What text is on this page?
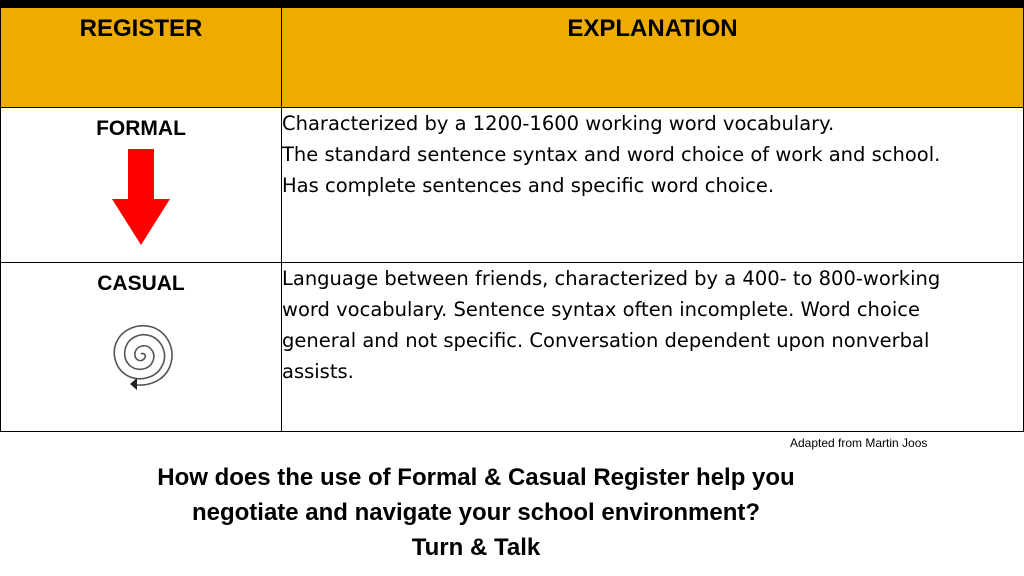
REGISTER	EXPLANATION

FORMAL	Characterized by a 1200-1600 working word vocabulary.
The standard sentence syntax and word choice of work and school.
Has complete sentences and specific word choice.

CASUAL	Language between friends, characterized by a 400- to 800-working
word vocabulary. Sentence syntax often incomplete. Word choice
general and not specific. Conversation dependent upon nonverbal
assists.
Adapted from Martin Joos
How does the use of Formal & Casual Register help you
negotiate and navigate your school environment?
Turn & Talk
